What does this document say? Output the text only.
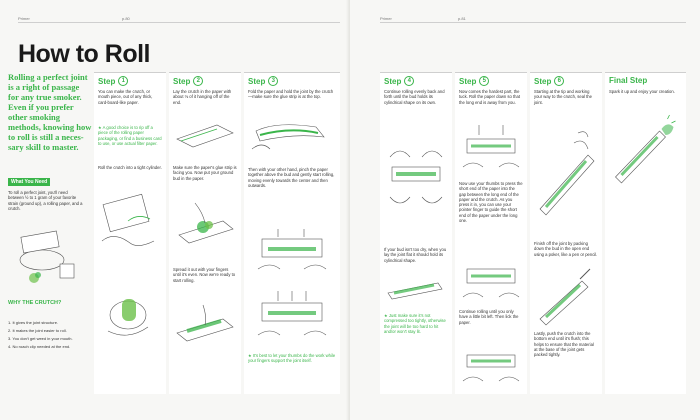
Primer	p.80
How to Roll

Rolling a perfect joint is a right of passage for any true smoker. Even if you prefer other smoking methods, knowing how to roll is still a neces-sary skill to master.

What You Need

To roll a perfect joint, you'll need between ½ to 1 gram of your favorite strain (ground up), a rolling paper, and a crutch.

WHY THE CRUTCH?
1. It gives the joint structure.
2. It makes the joint easier to roll.
3. You don't get weed in your mouth.
4. No roach clip needed at the end.
Step	1

You can make the crutch, or mouth piece, out of any thick, card-board-like paper.

★ A good choice is to rip off a piece of the rolling paper packaging, or find a business card to use, or use actual filter paper.

Roll the crutch into a tight cylinder.

Step	2

Lay the crutch in the paper with about ⅛ of it hanging off of the end.

Make sure the paper's glue strip is facing you. Now put your ground bud in the paper.

Spread it out with your fingers until it's even. Now we're ready to start rolling.

Step	3

Fold the paper and hold the joint by the crutch—make sure the glue strip is at the top.

Then with your other hand, pinch the paper together above the bud and gently start rolling, moving evenly towards the center and then outwards.

★ It's best to let your thumbs do the work while your fingers support the joint itself.

Primer	p.81
Step	4

Continue rolling evenly back and forth until the bud holds its cylindrical shape on its own.

If your bud isn't too dry, when you lay the joint flat it should hold its cylindrical shape.

★ Just make sure it's not compressed too tightly, otherwise the joint will be too hard to hit and/or won't stay lit.

Step	5

Now comes the hardest part, the tuck. Roll the paper down so that the long end is away from you.

Now use your thumbs to press the short end of the paper into the gap between the long end of the paper and the crutch. As you press it in, you can use your pointer finger to guide the short end of the paper under the long one.

Continue rolling until you only have a little bit left. Then lick the paper.

Step	6

Starting at the tip and working your way to the crutch, seal the joint.

Finish off the joint by packing down the bud in the open end using a poker, like a pen or pencil.

Lastly, push the crutch into the bottom end until it's flush; this helps to ensure that the material at the base of the joint gets packed tightly.

Final Step

Spark it up and enjoy your creation.
